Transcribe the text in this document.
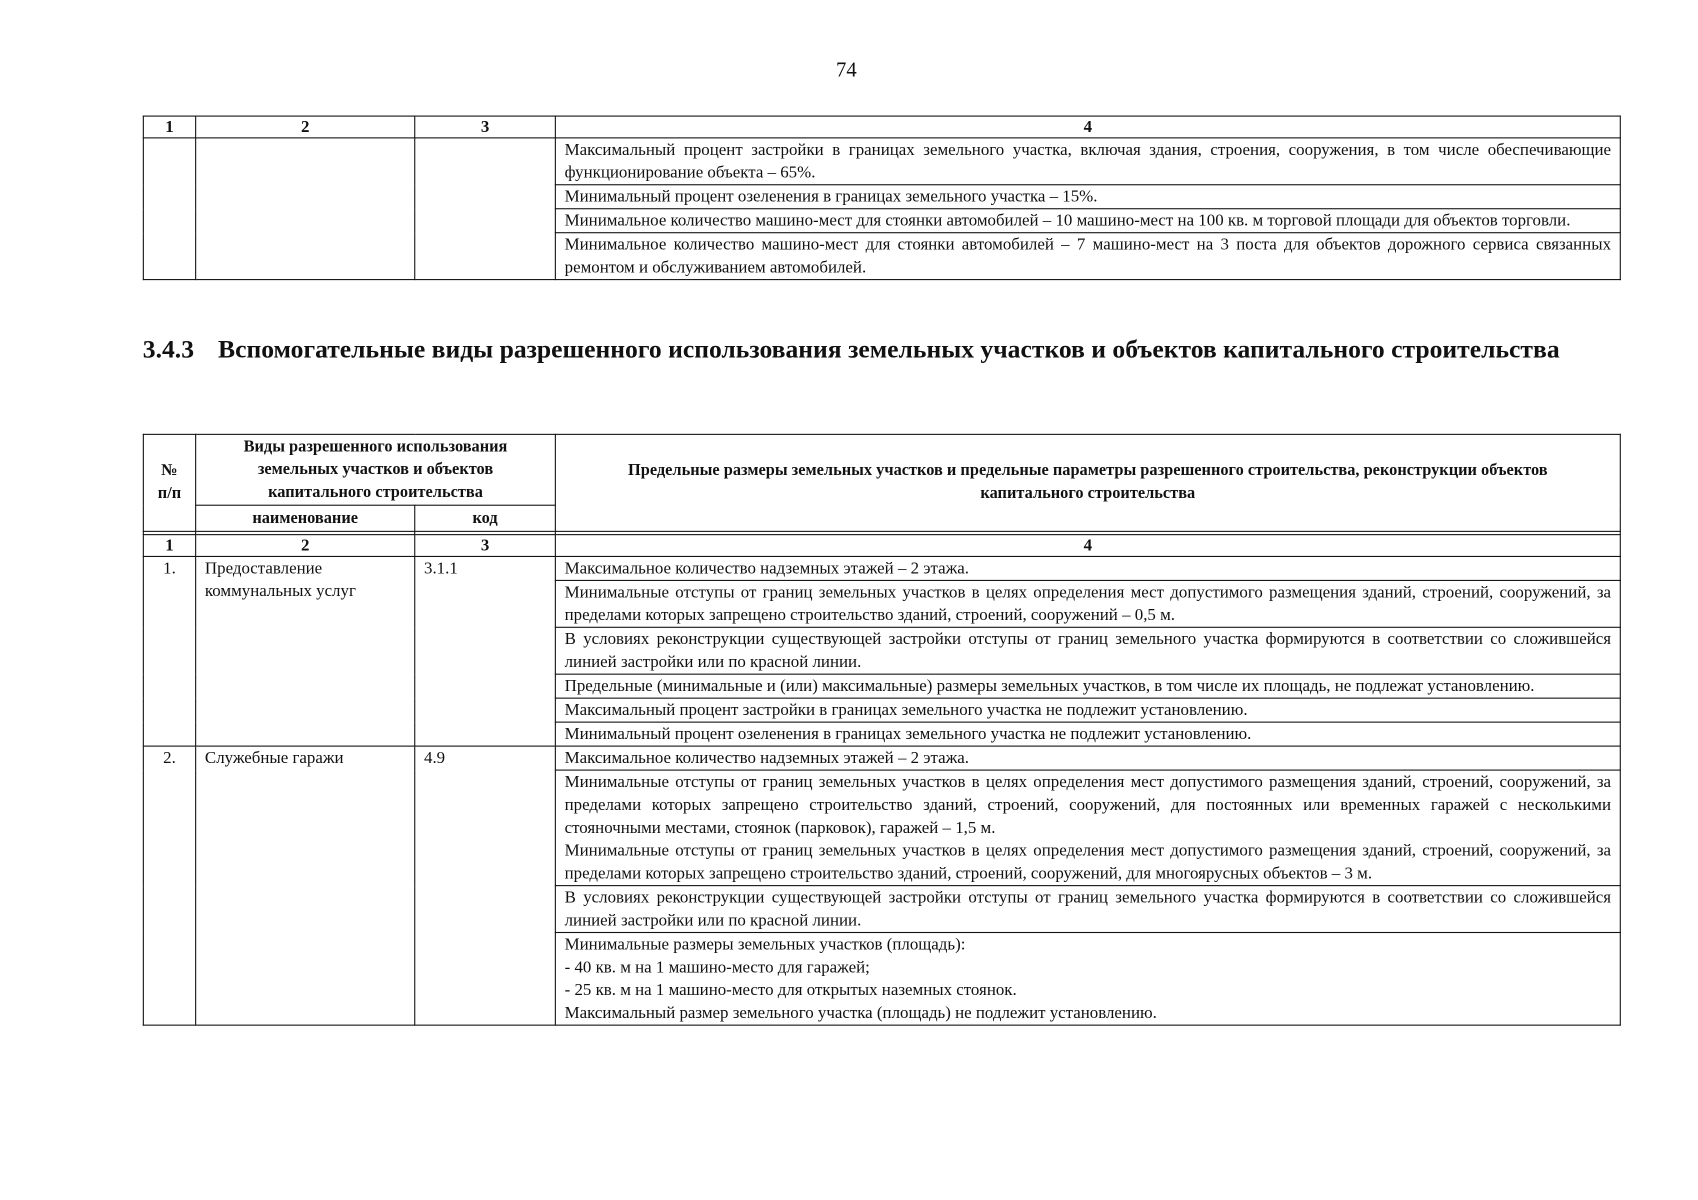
74
1	2	3	4
			Максимальный процент застройки в границах земельного участка, включая здания, строения, сооружения, в том числе обеспечивающие функционирование объекта – 65%.
			Минимальный процент озеленения в границах земельного участка – 15%.
			Минимальное количество машино-мест для стоянки автомобилей – 10 машино-мест на 100 кв. м торговой площади для объектов торговли.
			Минимальное количество машино-мест для стоянки автомобилей – 7 машино-мест на 3 поста для объектов дорожного сервиса связанных ремонтом и обслуживанием автомобилей.
3.4.3 Вспомогательные виды разрешенного использования земельных участков и объектов капитального строительства
№ п/п	Виды разрешенного использования земельных участков и объектов капитального строительства		Предельные размеры земельных участков и предельные параметры разрешенного строительства, реконструкции объектов капитального строительства
	наименование	код	

1	2	3	4
1.	Предоставление коммунальных услуг	3.1.1	Максимальное количество надземных этажей – 2 этажа.
			Минимальные отступы от границ земельных участков в целях определения мест допустимого размещения зданий, строений, сооружений, за пределами которых запрещено строительство зданий, строений, сооружений – 0,5 м.
			В условиях реконструкции существующей застройки отступы от границ земельного участка формируются в соответствии со сложившейся линией застройки или по красной линии.
			Предельные (минимальные и (или) максимальные) размеры земельных участков, в том числе их площадь, не подлежат установлению.
			Максимальный процент застройки в границах земельного участка не подлежит установлению.
			Минимальный процент озеленения в границах земельного участка не подлежит установлению.
2.	Служебные гаражи	4.9	Максимальное количество надземных этажей – 2 этажа.

			Минимальные отступы от границ земельных участков в целях определения мест допустимого размещения зданий, строений, сооружений, за пределами которых запрещено строительство зданий, строений, сооружений, для постоянных или временных гаражей с несколькими стояночными местами, стоянок (парковок), гаражей – 1,5 м.
Минимальные отступы от границ земельных участков в целях определения мест допустимого размещения зданий, строений, сооружений, за пределами которых запрещено строительство зданий, строений, сооружений, для многоярусных объектов – 3 м.

			В условиях реконструкции существующей застройки отступы от границ земельного участка формируются в соответствии со сложившейся линией застройки или по красной линии.

			Минимальные размеры земельных участков (площадь):
- 40 кв. м на 1 машино-место для гаражей;
- 25 кв. м на 1 машино-место для открытых наземных стоянок.
Максимальный размер земельного участка (площадь) не подлежит установлению.
